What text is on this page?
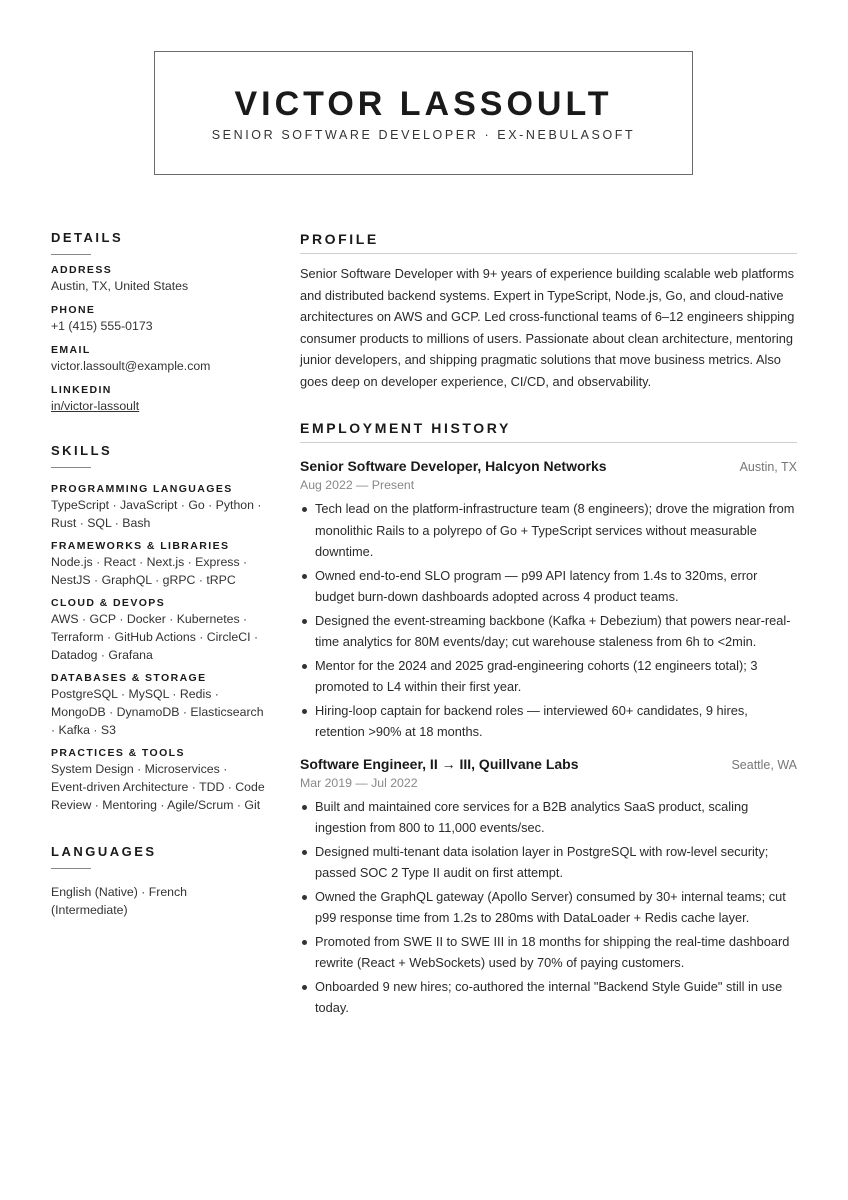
VICTOR LASSOULT
SENIOR SOFTWARE DEVELOPER · EX-NEBULASOFT
DETAILS
ADDRESS
Austin, TX, United States
PHONE
+1 (415) 555-0173
EMAIL
victor.lassoult@example.com
LINKEDIN
in/victor-lassoult
SKILLS
PROGRAMMING LANGUAGES
TypeScript · JavaScript · Go · Python · Rust · SQL · Bash
FRAMEWORKS & LIBRARIES
Node.js · React · Next.js · Express · NestJS · GraphQL · gRPC · tRPC
CLOUD & DEVOPS
AWS · GCP · Docker · Kubernetes · Terraform · GitHub Actions · CircleCI · Datadog · Grafana
DATABASES & STORAGE
PostgreSQL · MySQL · Redis · MongoDB · DynamoDB · Elasticsearch · Kafka · S3
PRACTICES & TOOLS
System Design · Microservices · Event-driven Architecture · TDD · Code Review · Mentoring · Agile/Scrum · Git
LANGUAGES
English (Native) · French (Intermediate)
PROFILE
Senior Software Developer with 9+ years of experience building scalable web platforms and distributed backend systems. Expert in TypeScript, Node.js, Go, and cloud-native architectures on AWS and GCP. Led cross-functional teams of 6–12 engineers shipping consumer products to millions of users. Passionate about clean architecture, mentoring junior developers, and shipping pragmatic solutions that move business metrics. Also goes deep on developer experience, CI/CD, and observability.
EMPLOYMENT HISTORY
Senior Software Developer, Halcyon Networks	Austin, TX
Aug 2022 — Present
Tech lead on the platform-infrastructure team (8 engineers); drove the migration from monolithic Rails to a polyrepo of Go + TypeScript services without measurable downtime.
Owned end-to-end SLO program — p99 API latency from 1.4s to 320ms, error budget burn-down dashboards adopted across 4 product teams.
Designed the event-streaming backbone (Kafka + Debezium) that powers near-real-time analytics for 80M events/day; cut warehouse staleness from 6h to <2min.
Mentor for the 2024 and 2025 grad-engineering cohorts (12 engineers total); 3 promoted to L4 within their first year.
Hiring-loop captain for backend roles — interviewed 60+ candidates, 9 hires, retention >90% at 18 months.
Software Engineer, II → III, Quillvane Labs	Seattle, WA
Mar 2019 — Jul 2022
Built and maintained core services for a B2B analytics SaaS product, scaling ingestion from 800 to 11,000 events/sec.
Designed multi-tenant data isolation layer in PostgreSQL with row-level security; passed SOC 2 Type II audit on first attempt.
Owned the GraphQL gateway (Apollo Server) consumed by 30+ internal teams; cut p99 response time from 1.2s to 280ms with DataLoader + Redis cache layer.
Promoted from SWE II to SWE III in 18 months for shipping the real-time dashboard rewrite (React + WebSockets) used by 70% of paying customers.
Onboarded 9 new hires; co-authored the internal "Backend Style Guide" still in use today.
